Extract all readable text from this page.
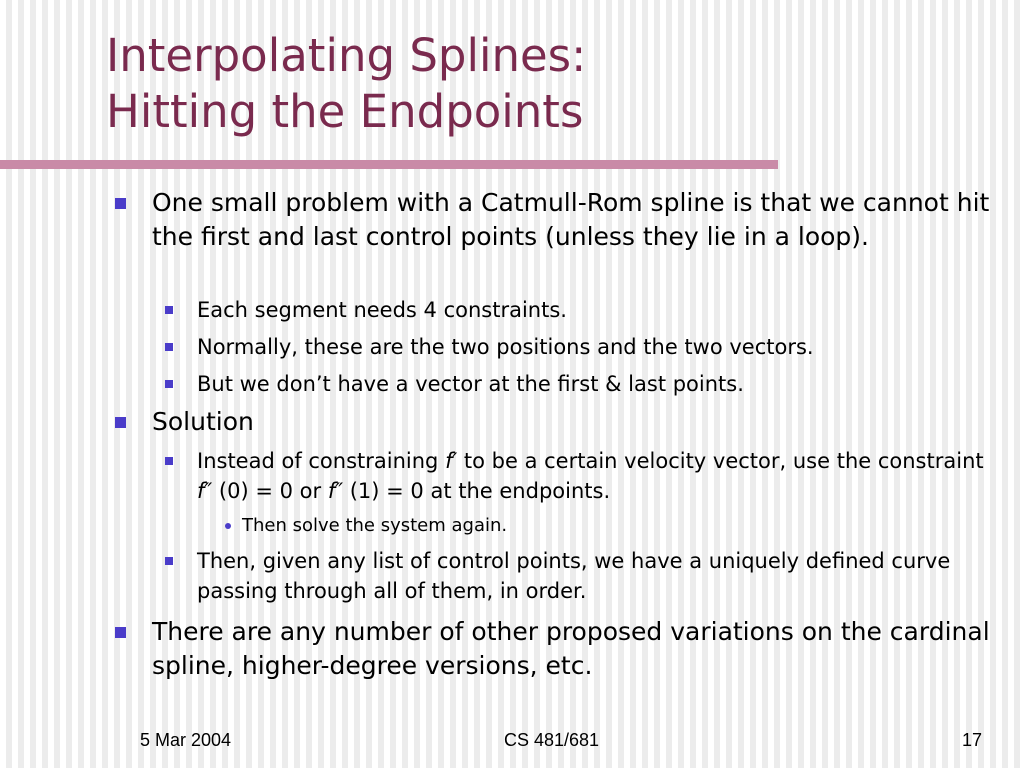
Interpolating Splines:
Hitting the Endpoints
One small problem with a Catmull-Rom spline is that we cannot hit the first and last control points (unless they lie in a loop).
Each segment needs 4 constraints.
Normally, these are the two positions and the two vectors.
But we don’t have a vector at the first & last points.
Solution
Instead of constraining f′ to be a certain velocity vector, use the constraint f″ (0) = 0 or f″ (1) = 0 at the endpoints.
Then solve the system again.
Then, given any list of control points, we have a uniquely defined curve passing through all of them, in order.
There are any number of other proposed variations on the cardinal spline, higher-degree versions, etc.
5 Mar 2004	CS 481/681	17
